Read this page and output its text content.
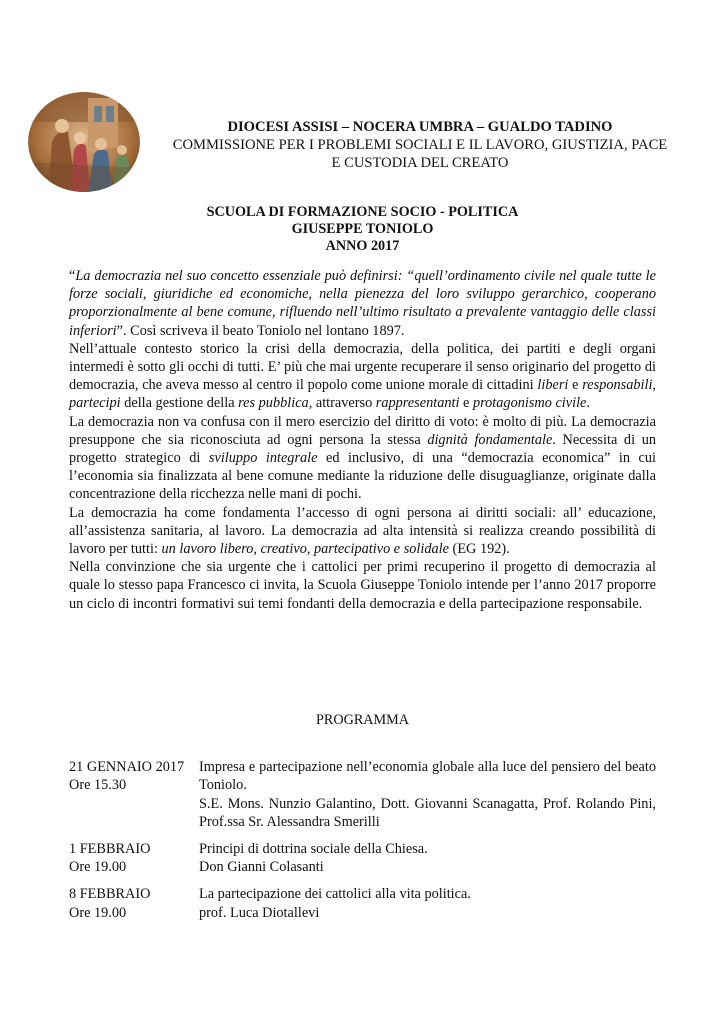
DIOCESI ASSISI – NOCERA UMBRA – GUALDO TADINO
COMMISSIONE PER I PROBLEMI SOCIALI E IL LAVORO, GIUSTIZIA, PACE
E CUSTODIA DEL CREATO
SCUOLA DI FORMAZIONE SOCIO - POLITICA
GIUSEPPE TONIOLO
ANNO 2017

“La democrazia nel suo concetto essenziale può definirsi: “quell’ordinamento civile nel quale tutte le forze sociali, giuridiche ed economiche, nella pienezza del loro sviluppo gerarchico, cooperano proporzionalmente al bene comune, rifluendo nell’ultimo risultato a prevalente vantaggio delle classi inferiori”. Così scriveva il beato Toniolo nel lontano 1897.

Nell’attuale contesto storico la crisi della democrazia, della politica, dei partiti e degli organi intermedi è sotto gli occhi di tutti. E’ più che mai urgente recuperare il senso originario del progetto di democrazia, che aveva messo al centro il popolo come unione morale di cittadini liberi e responsabili, partecipi della gestione della res pubblica, attraverso rappresentanti e protagonismo civile.

La democrazia non va confusa con il mero esercizio del diritto di voto: è molto di più. La democrazia presuppone che sia riconosciuta ad ogni persona la stessa dignità fondamentale. Necessita di un progetto strategico di sviluppo integrale ed inclusivo, di una “democrazia economica” in cui l’economia sia finalizzata al bene comune mediante la riduzione delle disuguaglianze, originate dalla concentrazione della ricchezza nelle mani di pochi.

La democrazia ha come fondamenta l’accesso di ogni persona ai diritti sociali: all’ educazione, all’assistenza sanitaria, al lavoro. La democrazia ad alta intensità si realizza creando possibilità di lavoro per tutti: un lavoro libero, creativo, partecipativo e solidale (EG 192).

Nella convinzione che sia urgente che i cattolici per primi recuperino il progetto di democrazia al quale lo stesso papa Francesco ci invita, la Scuola Giuseppe Toniolo intende per l’anno 2017 proporre un ciclo di incontri formativi sui temi fondanti della democrazia e della partecipazione responsabile.

PROGRAMMA
21 GENNAIO 2017
Ore 15.30
Impresa e partecipazione nell’economia globale alla luce del pensiero del beato Toniolo.
S.E. Mons. Nunzio Galantino, Dott. Giovanni Scanagatta, Prof. Rolando Pini, Prof.ssa Sr. Alessandra Smerilli
1 FEBBRAIO
Ore 19.00
Principi di dottrina sociale della Chiesa.
Don Gianni Colasanti
8 FEBBRAIO
Ore 19.00
La partecipazione dei cattolici alla vita politica.
prof. Luca Diotallevi
